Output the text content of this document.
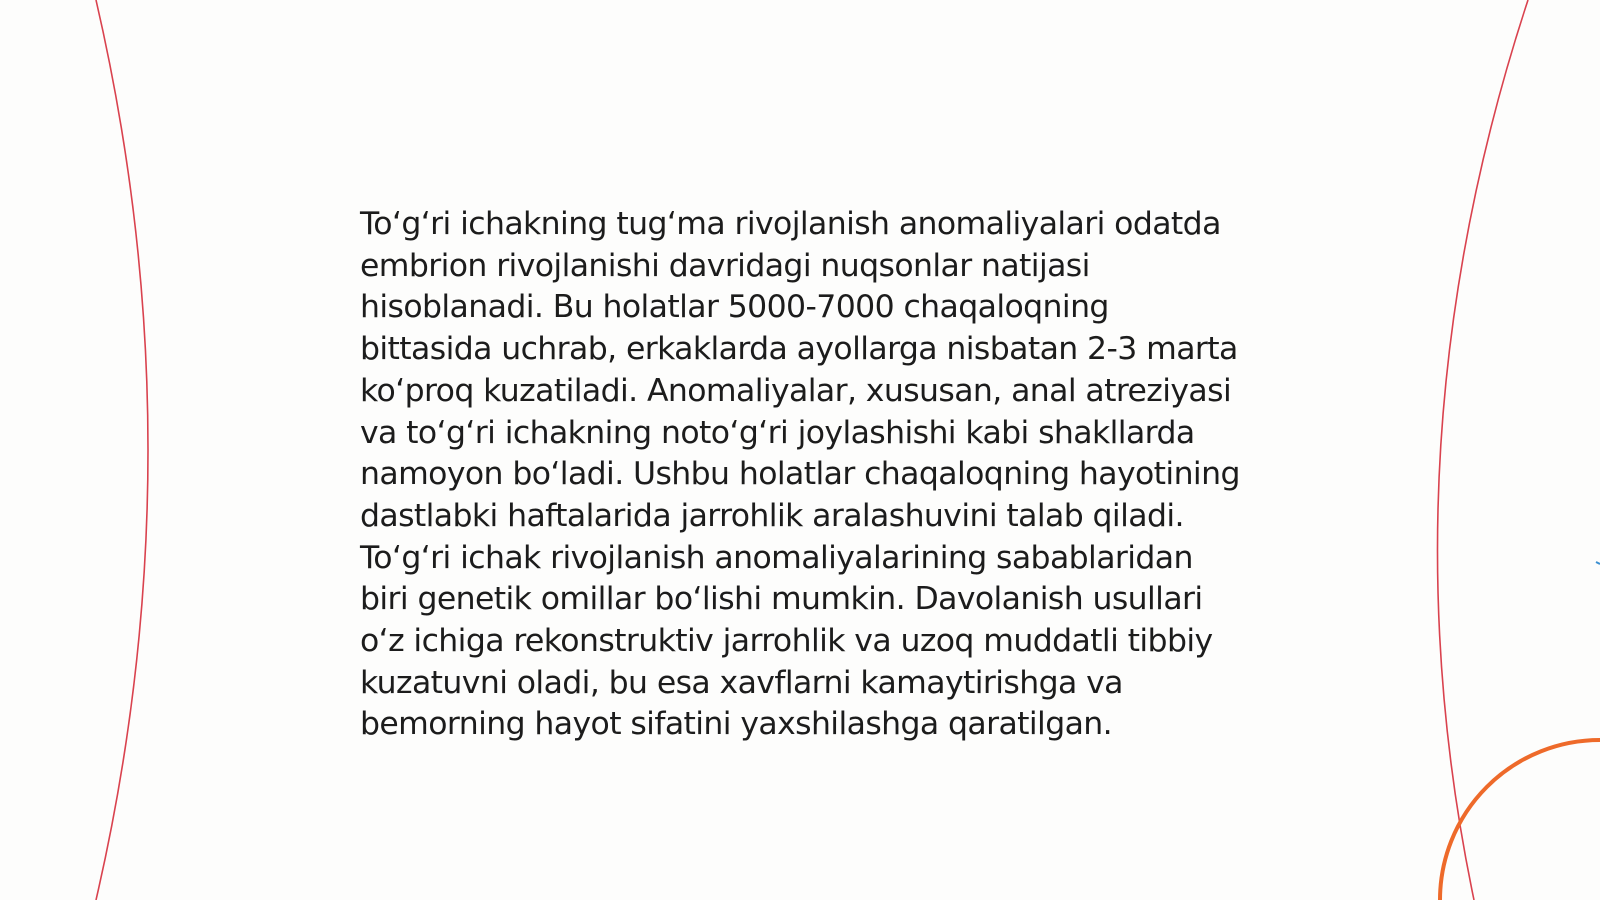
To‘g‘ri ichakning tug‘ma rivojlanish anomaliyalari odatda embrion rivojlanishi davridagi nuqsonlar natijasi hisoblanadi. Bu holatlar 5000-7000 chaqaloqning bittasida uchrab, erkaklarda ayollarga nisbatan 2-3 marta ko‘proq kuzatiladi. Anomaliyalar, xususan, anal atreziyasi va to‘g‘ri ichakning noto‘g‘ri joylashishi kabi shakllarda namoyon bo‘ladi. Ushbu holatlar chaqaloqning hayotining dastlabki haftalarida jarrohlik aralashuvini talab qiladi. To‘g‘ri ichak rivojlanish anomaliyalarining sabablaridan biri genetik omillar bo‘lishi mumkin. Davolanish usullari o‘z ichiga rekonstruktiv jarrohlik va uzoq muddatli tibbiy kuzatuvni oladi, bu esa xavflarni kamaytirishga va bemorning hayot sifatini yaxshilashga qaratilgan.
